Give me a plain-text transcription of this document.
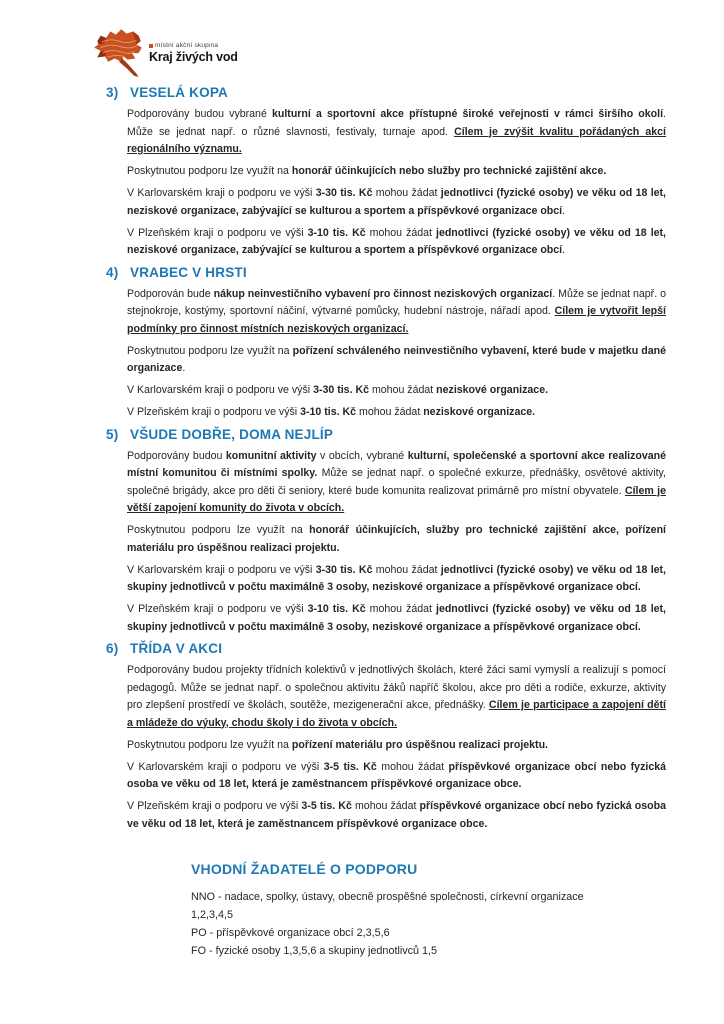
místní akční skupina
Kraj živých vod
3) VESELÁ KOPA

Podporovány budou vybrané kulturní a sportovní akce přístupné široké veřejnosti v rámci širšího okolí. Může se jednat např. o různé slavnosti, festivaly, turnaje apod. Cílem je zvýšit kvalitu pořádaných akcí regionálního významu.

Poskytnutou podporu lze využít na honorář účinkujících nebo služby pro technické zajištění akce.

V Karlovarském kraji o podporu ve výši 3-30 tis. Kč mohou žádat jednotlivci (fyzické osoby) ve věku od 18 let, neziskové organizace, zabývající se kulturou a sportem a příspěvkové organizace obcí.

V Plzeňském kraji o podporu ve výši 3-10 tis. Kč mohou žádat jednotlivci (fyzické osoby) ve věku od 18 let, neziskové organizace, zabývající se kulturou a sportem a příspěvkové organizace obcí.

4) VRABEC V HRSTI

Podporován bude nákup neinvestičního vybavení pro činnost neziskových organizací. Může se jednat např. o stejnokroje, kostýmy, sportovní náčiní, výtvarné pomůcky, hudební nástroje, nářadí apod. Cílem je vytvořit lepší podmínky pro činnost místních neziskových organizací.

Poskytnutou podporu lze využít na pořízení schváleného neinvestičního vybavení, které bude v majetku dané organizace.

V Karlovarském kraji o podporu ve výši 3-30 tis. Kč mohou žádat neziskové organizace.

V Plzeňském kraji o podporu ve výši 3-10 tis. Kč mohou žádat neziskové organizace.

5) VŠUDE DOBŘE, DOMA NEJLÍP

Podporovány budou komunitní aktivity v obcích, vybrané kulturní, společenské a sportovní akce realizované místní komunitou či místními spolky. Může se jednat např. o společné exkurze, přednášky, osvětové aktivity, společné brigády, akce pro děti či seniory, které bude komunita realizovat primárně pro místní obyvatele. Cílem je větší zapojení komunity do života v obcích.

Poskytnutou podporu lze využít na honorář účinkujících, služby pro technické zajištění akce, pořízení materiálu pro úspěšnou realizaci projektu.

V Karlovarském kraji o podporu ve výši 3-30 tis. Kč mohou žádat jednotlivci (fyzické osoby) ve věku od 18 let, skupiny jednotlivců v počtu maximálně 3 osoby, neziskové organizace a příspěvkové organizace obcí.

V Plzeňském kraji o podporu ve výši 3-10 tis. Kč mohou žádat jednotlivci (fyzické osoby) ve věku od 18 let, skupiny jednotlivců v počtu maximálně 3 osoby, neziskové organizace a příspěvkové organizace obcí.

6) TŘÍDA V AKCI

Podporovány budou projekty třídních kolektivů v jednotlivých školách, které žáci sami vymyslí a realizují s pomocí pedagogů. Může se jednat např. o společnou aktivitu žáků napříč školou, akce pro děti a rodiče, exkurze, aktivity pro zlepšení prostředí ve školách, soutěže, mezigenerační akce, přednášky. Cílem je participace a zapojení dětí a mládeže do výuky, chodu školy i do života v obcích.

Poskytnutou podporu lze využít na pořízení materiálu pro úspěšnou realizaci projektu.

V Karlovarském kraji o podporu ve výši 3-5 tis. Kč mohou žádat příspěvkové organizace obcí nebo fyzická osoba ve věku od 18 let, která je zaměstnancem příspěvkové organizace obce.

V Plzeňském kraji o podporu ve výši 3-5 tis. Kč mohou žádat příspěvkové organizace obcí nebo fyzická osoba ve věku od 18 let, která je zaměstnancem příspěvkové organizace obce.

VHODNÍ ŽADATELÉ O PODPORU

NNO - nadace, spolky, ústavy, obecně prospěšné společnosti, církevní organizace 1,2,3,4,5

PO - příspěvkové organizace obcí 2,3,5,6

FO - fyzické osoby 1,3,5,6 a skupiny jednotlivců 1,5
